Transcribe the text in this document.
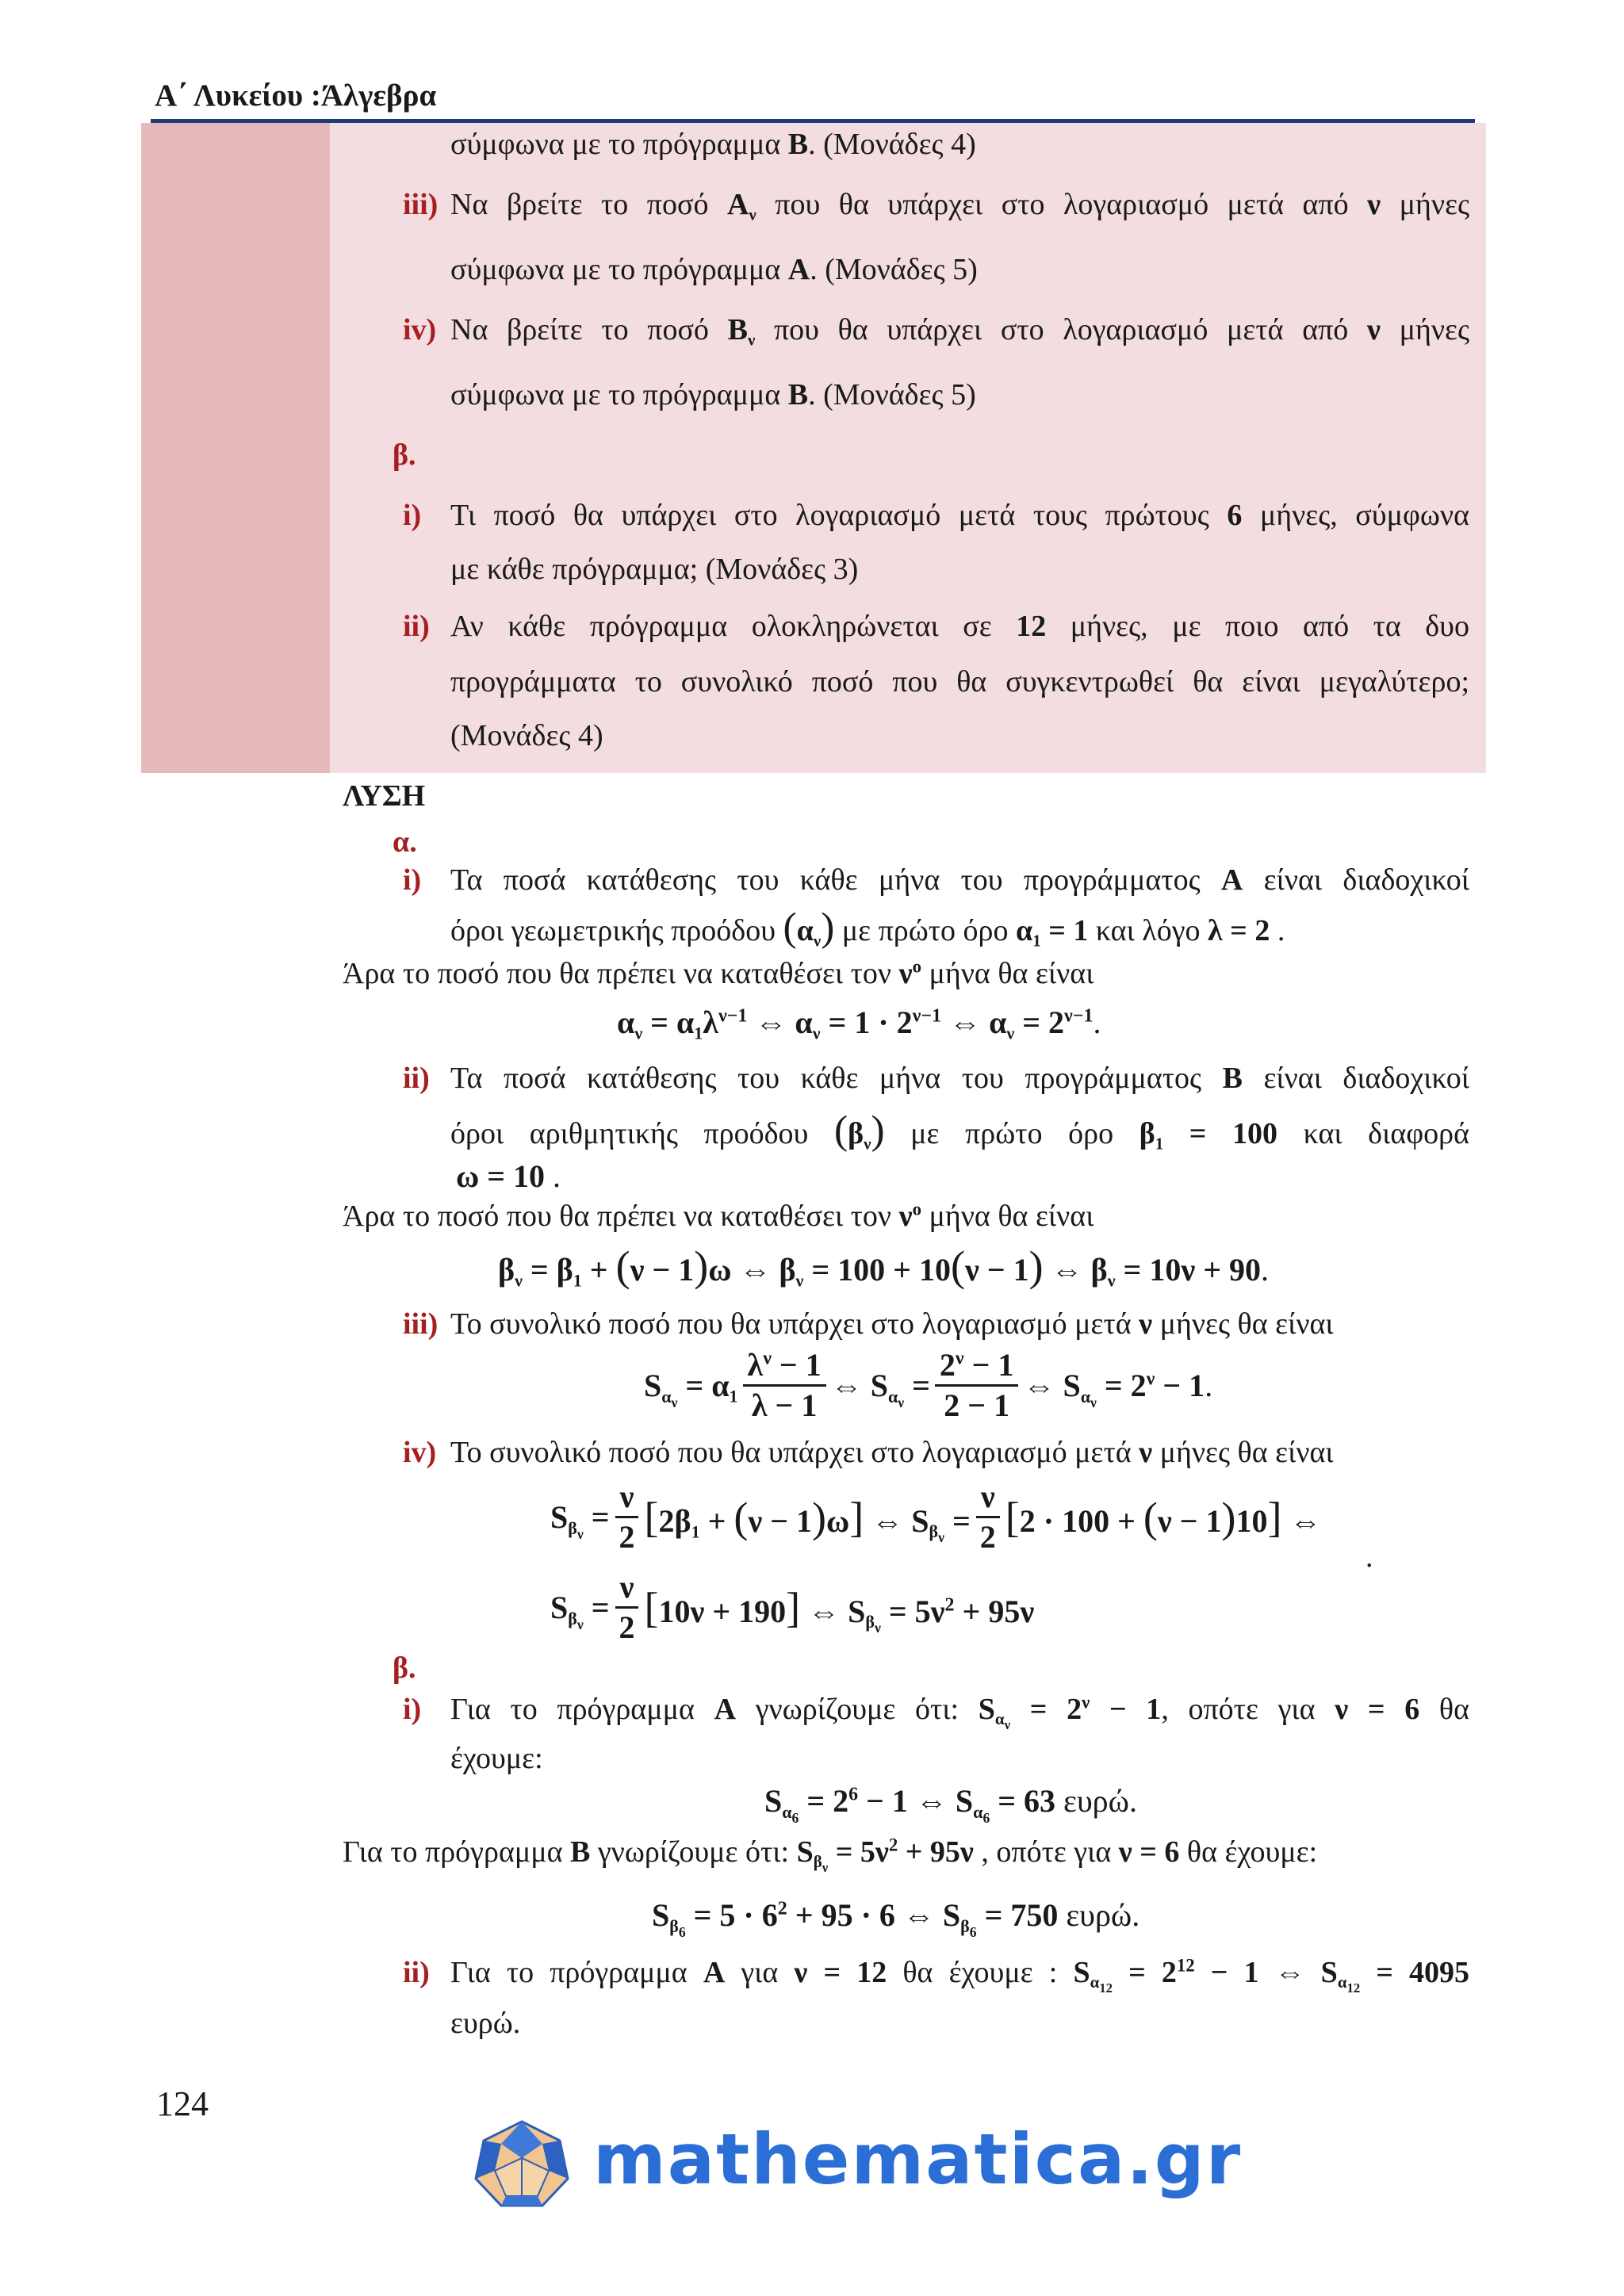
Α΄ Λυκείου :Άλγεβρα
σύμφωνα με το πρόγραμμα Β. (Μονάδες 4)
iii) Να βρείτε το ποσό $A_\nu$ που θα υπάρχει στο λογαριασμό μετά από ν μήνες
σύμφωνα με το πρόγραμμα Α. (Μονάδες 5)
iv) Να βρείτε το ποσό $B_\nu$ που θα υπάρχει στο λογαριασμό μετά από ν μήνες
σύμφωνα με το πρόγραμμα Β. (Μονάδες 5)
β.
i) Τι ποσό θα υπάρχει στο λογαριασμό μετά τους πρώτους 6 μήνες, σύμφωνα
με κάθε πρόγραμμα; (Μονάδες 3)
ii) Αν κάθε πρόγραμμα ολοκληρώνεται σε 12 μήνες, με ποιο από τα δυο
προγράμματα το συνολικό ποσό που θα συγκεντρωθεί θα είναι μεγαλύτερο;
(Μονάδες 4)
ΛΥΣΗ
α.
i) Τα ποσά κατάθεσης του κάθε μήνα του προγράμματος Α είναι διαδοχικοί
όροι γεωμετρικής προόδου $(\alpha_\nu)$ με πρώτο όρο $\alpha_1 = 1$ και λόγο λ = 2 .
Άρα το ποσό που θα πρέπει να καταθέσει τον $\nu^o$ μήνα θα είναι
$\alpha_\nu = \alpha_1\lambda^{\nu-1}$ ⇔ $\alpha_\nu = 1 \cdot 2^{\nu-1}$ ⇔ $\alpha_\nu = 2^{\nu-1}$.
ii) Τα ποσά κατάθεσης του κάθε μήνα του προγράμματος Β είναι διαδοχικοί
όροι αριθμητικής προόδου $(\beta_\nu)$ με πρώτο όρο $\beta_1 = 100$ και διαφορά
ω = 10 .
Άρα το ποσό που θα πρέπει να καταθέσει τον $\nu^o$ μήνα θα είναι
$\beta_\nu = \beta_1 + (\nu - 1)\omega$ ⇔ $\beta_\nu = 100 + 10(\nu - 1)$ ⇔ $\beta_\nu = 10\nu + 90$.
iii) Το συνολικό ποσό που θα υπάρχει στο λογαριασμό μετά ν μήνες θα είναι
$S_{\alpha_\nu} = \alpha_1 \frac{\lambda^\nu - 1}{\lambda - 1}$ ⇔ $S_{\alpha_\nu} = \frac{2^\nu - 1}{2 - 1}$ ⇔ $S_{\alpha_\nu} = 2^\nu - 1$.
iv) Το συνολικό ποσό που θα υπάρχει στο λογαριασμό μετά ν μήνες θα είναι
$S_{\beta_\nu} = \frac{\nu}{2} [2\beta_1 + (\nu - 1)\omega]$ ⇔ $S_{\beta_\nu} = \frac{\nu}{2} [2 \cdot 100 + (\nu - 1)10]$ ⇔
.
$S_{\beta_\nu} = \frac{\nu}{2} [10\nu + 190]$ ⇔ $S_{\beta_\nu} = 5\nu^2 + 95\nu$
β.
i) Για το πρόγραμμα Α γνωρίζουμε ότι: $S_{\alpha_\nu} = 2^\nu - 1$, οπότε για ν = 6 θα
έχουμε:
$S_{\alpha_6} = 2^6 - 1$ ⇔ $S_{\alpha_6} = 63$ ευρώ.
Για το πρόγραμμα Β γνωρίζουμε ότι: $S_{\beta_\nu} = 5\nu^2 + 95\nu$ , οπότε για ν = 6 θα έχουμε:
$S_{\beta_6} = 5 \cdot 6^2 + 95 \cdot 6$ ⇔ $S_{\beta_6} = 750$ ευρώ.
ii) Για το πρόγραμμα Α για ν = 12 θα έχουμε : $S_{\alpha_{12}} = 2^{12} - 1$ ⇔ $S_{\alpha_{12}} = 4095$
ευρώ.
124
mathematica.gr
